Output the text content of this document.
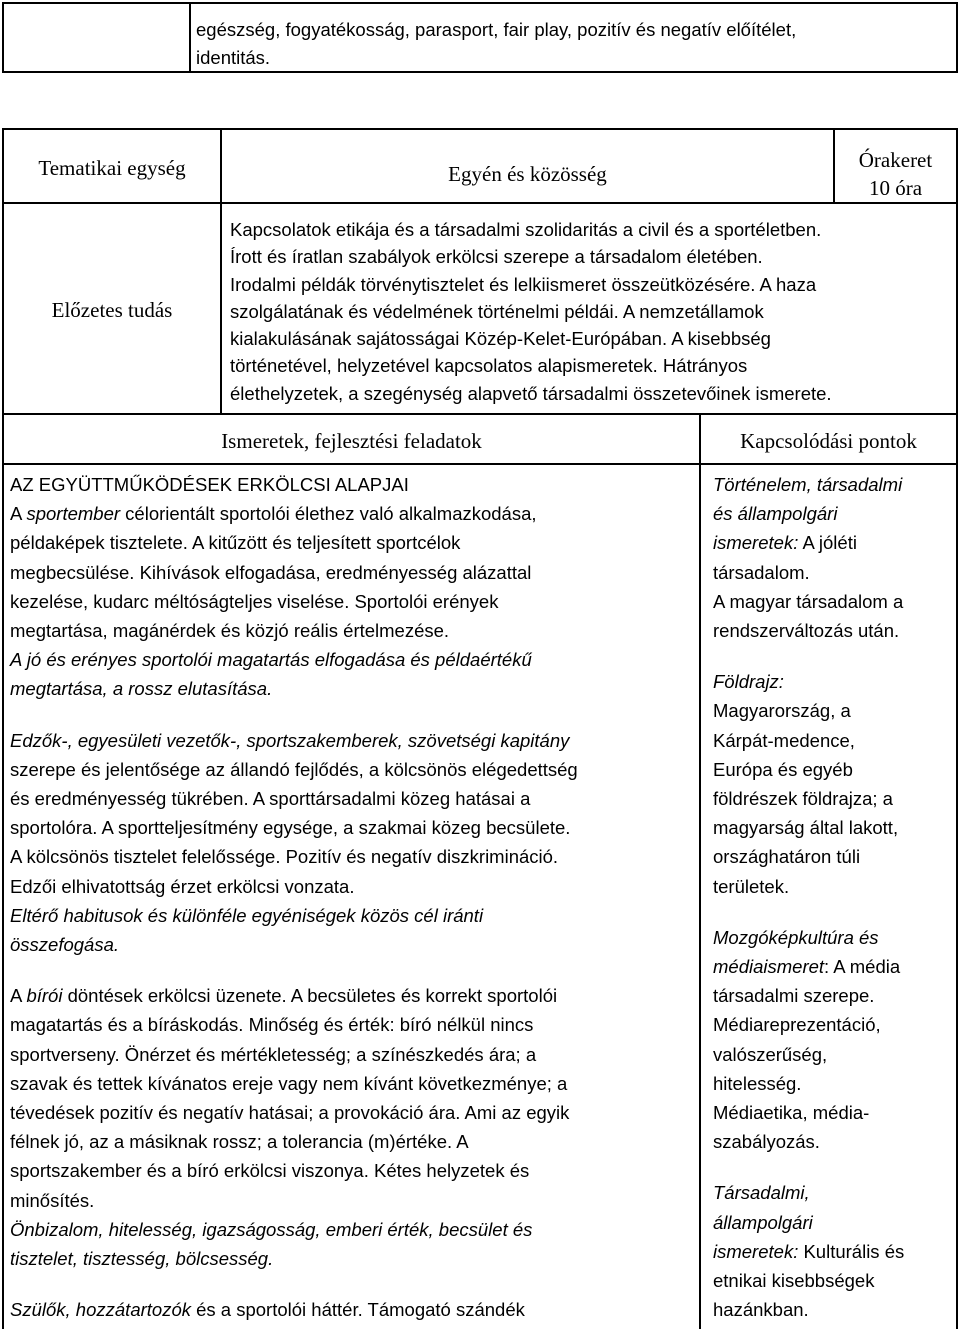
egészség, fogyatékosság, parasport, fair play, pozitív és negatív előítélet,
identitás.
Tematikai egység	Egyén és közösség
Órakeret
10 óra
Előzetes tudás
Kapcsolatok etikája és a társadalmi szolidaritás a civil és a sportéletben.
Írott és íratlan szabályok erkölcsi szerepe a társadalom életében.
Irodalmi példák törvénytisztelet és lelkiismeret összeütközésére. A haza
szolgálatának és védelmének történelmi példái. A nemzetállamok
kialakulásának sajátosságai Közép-Kelet-Európában. A kisebbség
történetével, helyzetével kapcsolatos alapismeretek. Hátrányos
élethelyzetek, a szegénység alapvető társadalmi összetevőinek ismerete.
Ismeretek, fejlesztési feladatok	Kapcsolódási pontok
AZ EGYÜTTMŰKÖDÉSEK ERKÖLCSI ALAPJAI
A sportember célorientált sportolói élethez való alkalmazkodása,
példaképek tisztelete. A kitűzött és teljesített sportcélok
megbecsülése. Kihívások elfogadása, eredményesség alázattal
kezelése, kudarc méltóságteljes viselése. Sportolói erények
megtartása, magánérdek és közjó reális értelmezése.
A jó és erényes sportolói magatartás elfogadása és példaértékű
megtartása, a rossz elutasítása.
Edzők-, egyesületi vezetők-, sportszakemberek, szövetségi kapitány
szerepe és jelentősége az állandó fejlődés, a kölcsönös elégedettség
és eredményesség tükrében. A sporttársadalmi közeg hatásai a
sportolóra. A sportteljesítmény egysége, a szakmai közeg becsülete.
A kölcsönös tisztelet felelőssége. Pozitív és negatív diszkrimináció.
Edzői elhivatottság érzet erkölcsi vonzata.
Eltérő habitusok és különféle egyéniségek közös cél iránti
összefogása.
A bírói döntések erkölcsi üzenete. A becsületes és korrekt sportolói
magatartás és a bíráskodás. Minőség és érték: bíró nélkül nincs
sportverseny. Önérzet és mértékletesség; a színészkedés ára; a
szavak és tettek kívánatos ereje vagy nem kívánt következménye; a
tévedések pozitív és negatív hatásai; a provokáció ára. Ami az egyik
félnek jó, az a másiknak rossz; a tolerancia (m)értéke. A
sportszakember és a bíró erkölcsi viszonya. Kétes helyzetek és
minősítés.
Önbizalom, hitelesség, igazságosság, emberi érték, becsület és
tisztelet, tisztesség, bölcsesség.
Szülők, hozzátartozók és a sportolói háttér. Támogató szándék
Történelem, társadalmi
és állampolgári
ismeretek: A jóléti
társadalom.
A magyar társadalom a
rendszerváltozás után.
Földrajz:
Magyarország, a
Kárpát-medence,
Európa és egyéb
földrészek földrajza; a
magyarság által lakott,
országhatáron túli
területek.
Mozgóképkultúra és
médiaismeret: A média
társadalmi szerepe.
Médiareprezentáció,
valószerűség,
hitelesség.
Médiaetika, média-
szabályozás.
Társadalmi,
állampolgári
ismeretek: Kulturális és
etnikai kisebbségek
hazánkban.
